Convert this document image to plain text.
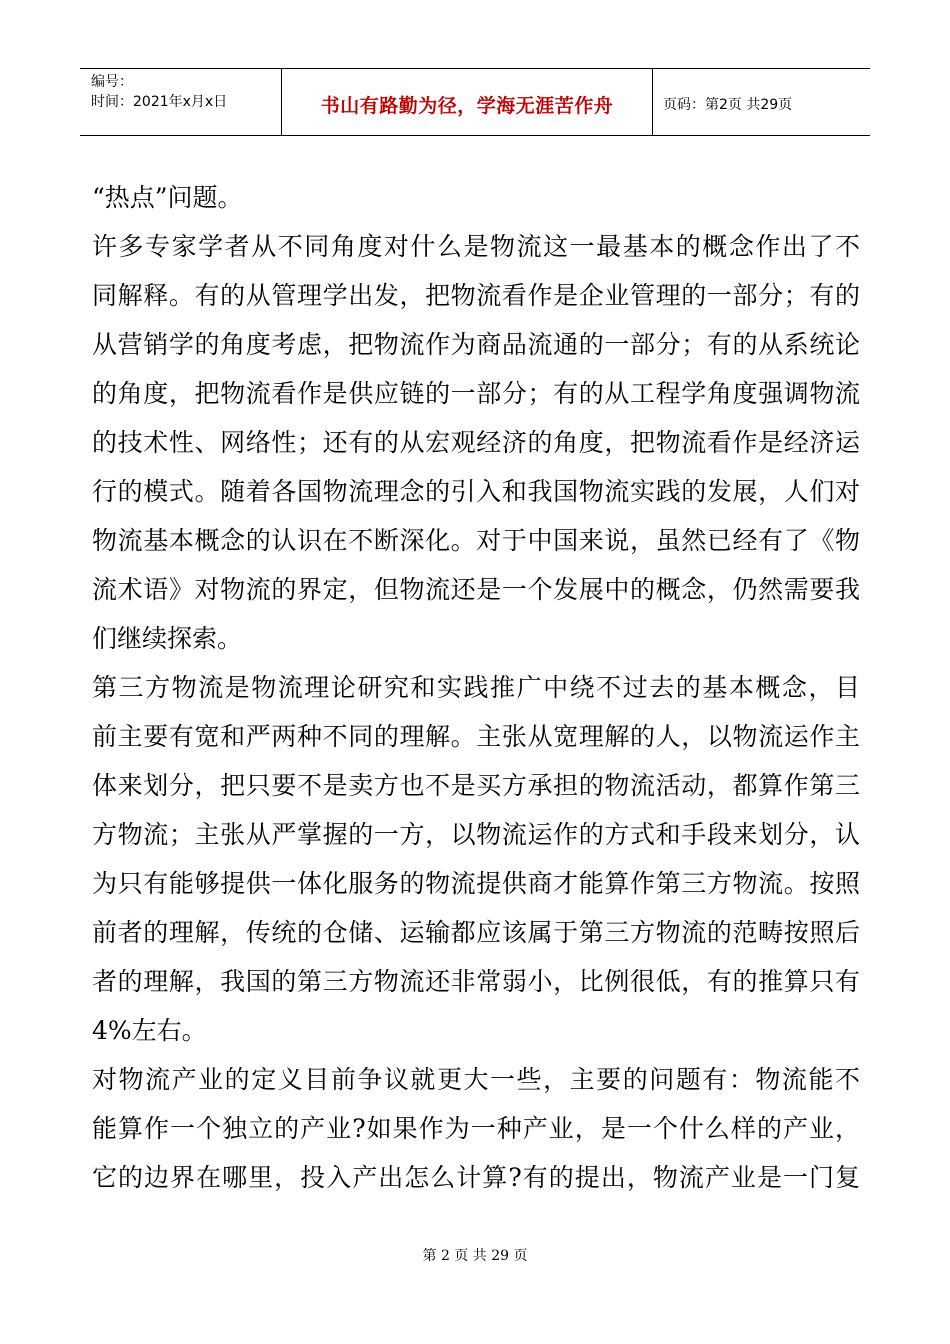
编号：
时间：2021年x月x日	书山有路勤为径，学海无涯苦作舟	页码：第2页 共29页
“热点”问题。
许多专家学者从不同角度对什么是物流这一最基本的概念作出了不
同解释。有的从管理学出发，把物流看作是企业管理的一部分；有的
从营销学的角度考虑，把物流作为商品流通的一部分；有的从系统论
的角度，把物流看作是供应链的一部分；有的从工程学角度强调物流
的技术性、网络性；还有的从宏观经济的角度，把物流看作是经济运
行的模式。随着各国物流理念的引入和我国物流实践的发展，人们对
物流基本概念的认识在不断深化。对于中国来说，虽然已经有了《物
流术语》对物流的界定，但物流还是一个发展中的概念，仍然需要我
们继续探索。
第三方物流是物流理论研究和实践推广中绕不过去的基本概念，目
前主要有宽和严两种不同的理解。主张从宽理解的人，以物流运作主
体来划分，把只要不是卖方也不是买方承担的物流活动，都算作第三
方物流；主张从严掌握的一方，以物流运作的方式和手段来划分，认
为只有能够提供一体化服务的物流提供商才能算作第三方物流。按照
前者的理解，传统的仓储、运输都应该属于第三方物流的范畴按照后
者的理解，我国的第三方物流还非常弱小，比例很低，有的推算只有
4%左右。
对物流产业的定义目前争议就更大一些，主要的问题有：物流能不
能算作一个独立的产业?如果作为一种产业，是一个什么样的产业，
它的边界在哪里，投入产出怎么计算?有的提出，物流产业是一门复
第 2 页 共 29 页
